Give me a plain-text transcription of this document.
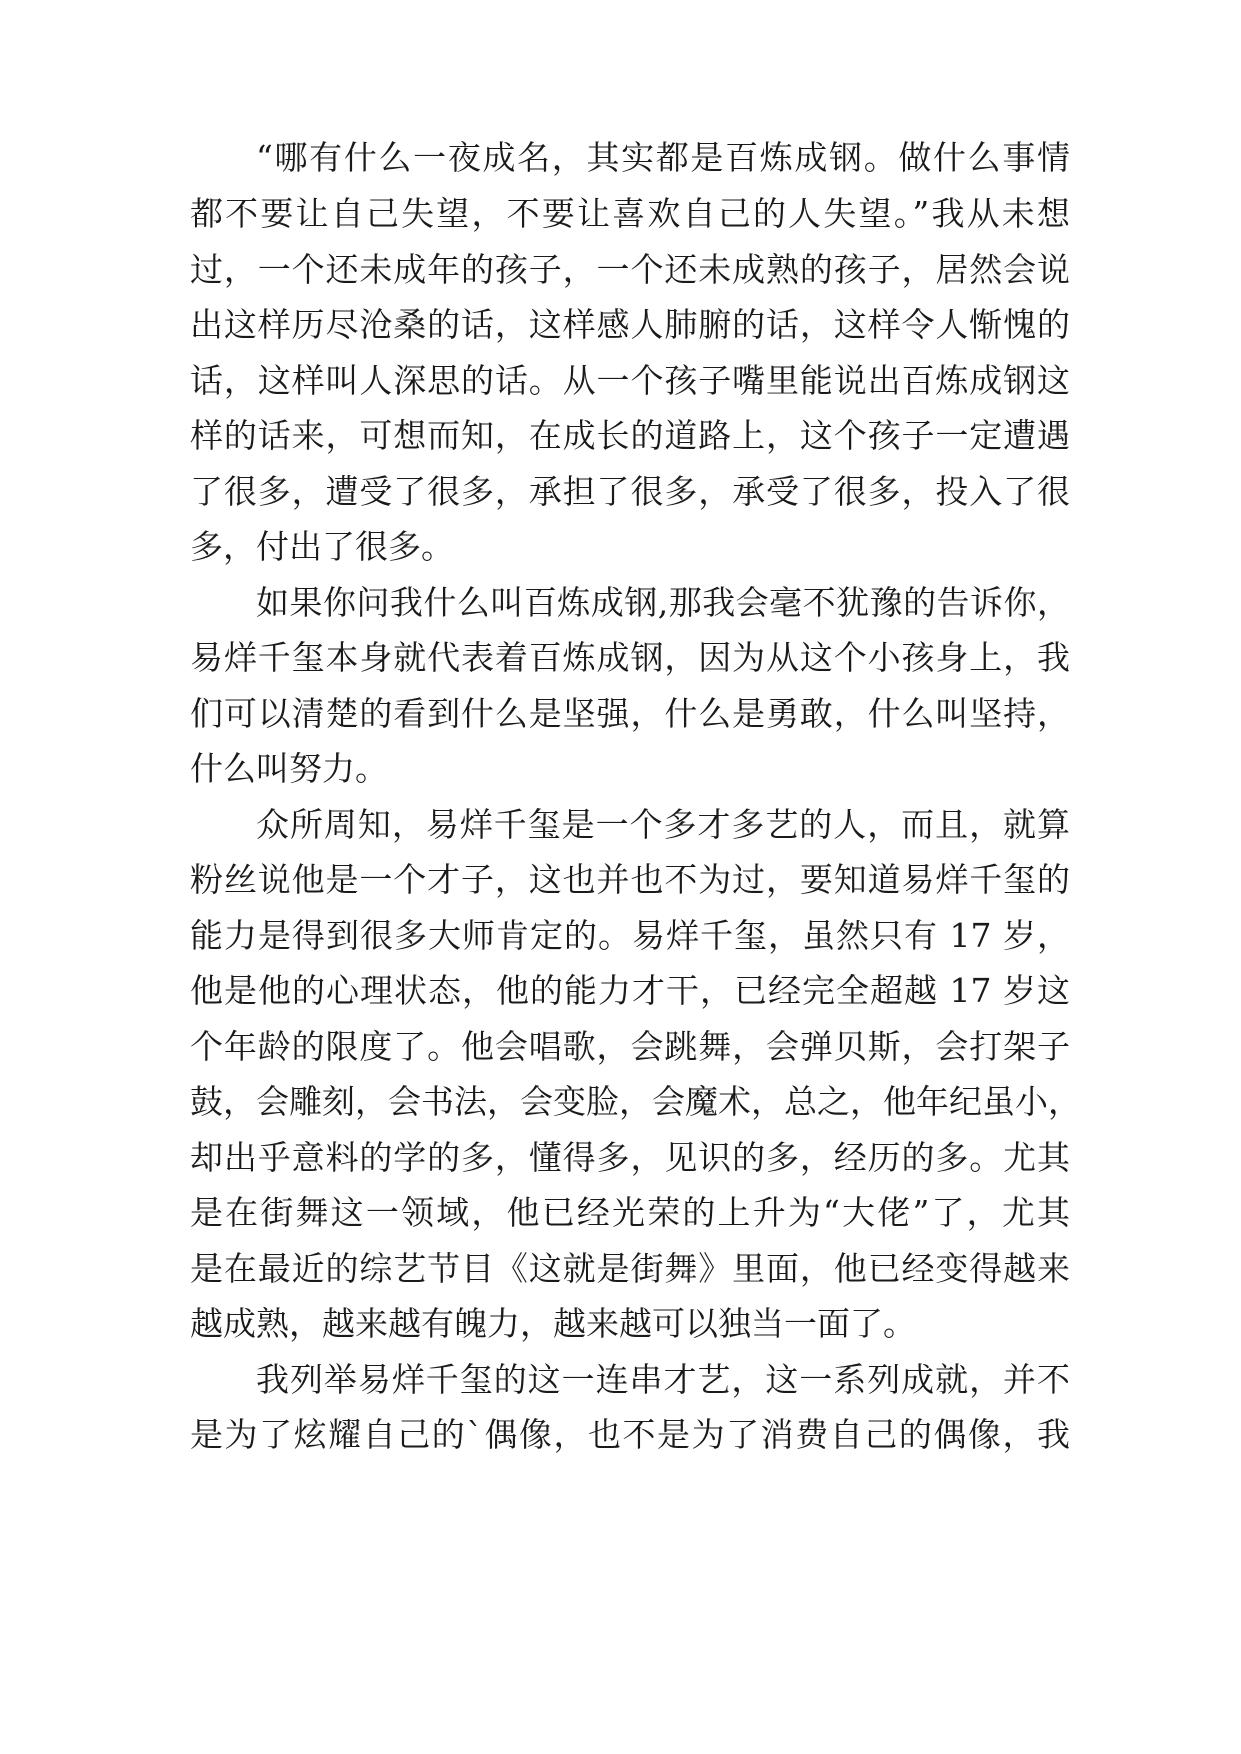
“哪有什么一夜成名，其实都是百炼成钢。做什么事情
都不要让自己失望，不要让喜欢自己的人失望。”我从未想
过，一个还未成年的孩子，一个还未成熟的孩子，居然会说
出这样历尽沧桑的话，这样感人肺腑的话，这样令人惭愧的
话，这样叫人深思的话。从一个孩子嘴里能说出百炼成钢这
样的话来，可想而知，在成长的道路上，这个孩子一定遭遇
了很多，遭受了很多，承担了很多，承受了很多，投入了很
多，付出了很多。
如果你问我什么叫百炼成钢,那我会毫不犹豫的告诉你，
易烊千玺本身就代表着百炼成钢，因为从这个小孩身上，我
们可以清楚的看到什么是坚强，什么是勇敢，什么叫坚持，
什么叫努力。
众所周知，易烊千玺是一个多才多艺的人，而且，就算
粉丝说他是一个才子，这也并也不为过，要知道易烊千玺的
能力是得到很多大师肯定的。易烊千玺，虽然只有 17 岁，
他是他的心理状态，他的能力才干，已经完全超越 17 岁这
个年龄的限度了。他会唱歌，会跳舞，会弹贝斯，会打架子
鼓，会雕刻，会书法，会变脸，会魔术，总之，他年纪虽小，
却出乎意料的学的多，懂得多，见识的多，经历的多。尤其
是在街舞这一领域，他已经光荣的上升为“大佬”了，尤其
是在最近的综艺节目《这就是街舞》里面，他已经变得越来
越成熟，越来越有魄力，越来越可以独当一面了。
我列举易烊千玺的这一连串才艺，这一系列成就，并不
是为了炫耀自己的`偶像，也不是为了消费自己的偶像，我
